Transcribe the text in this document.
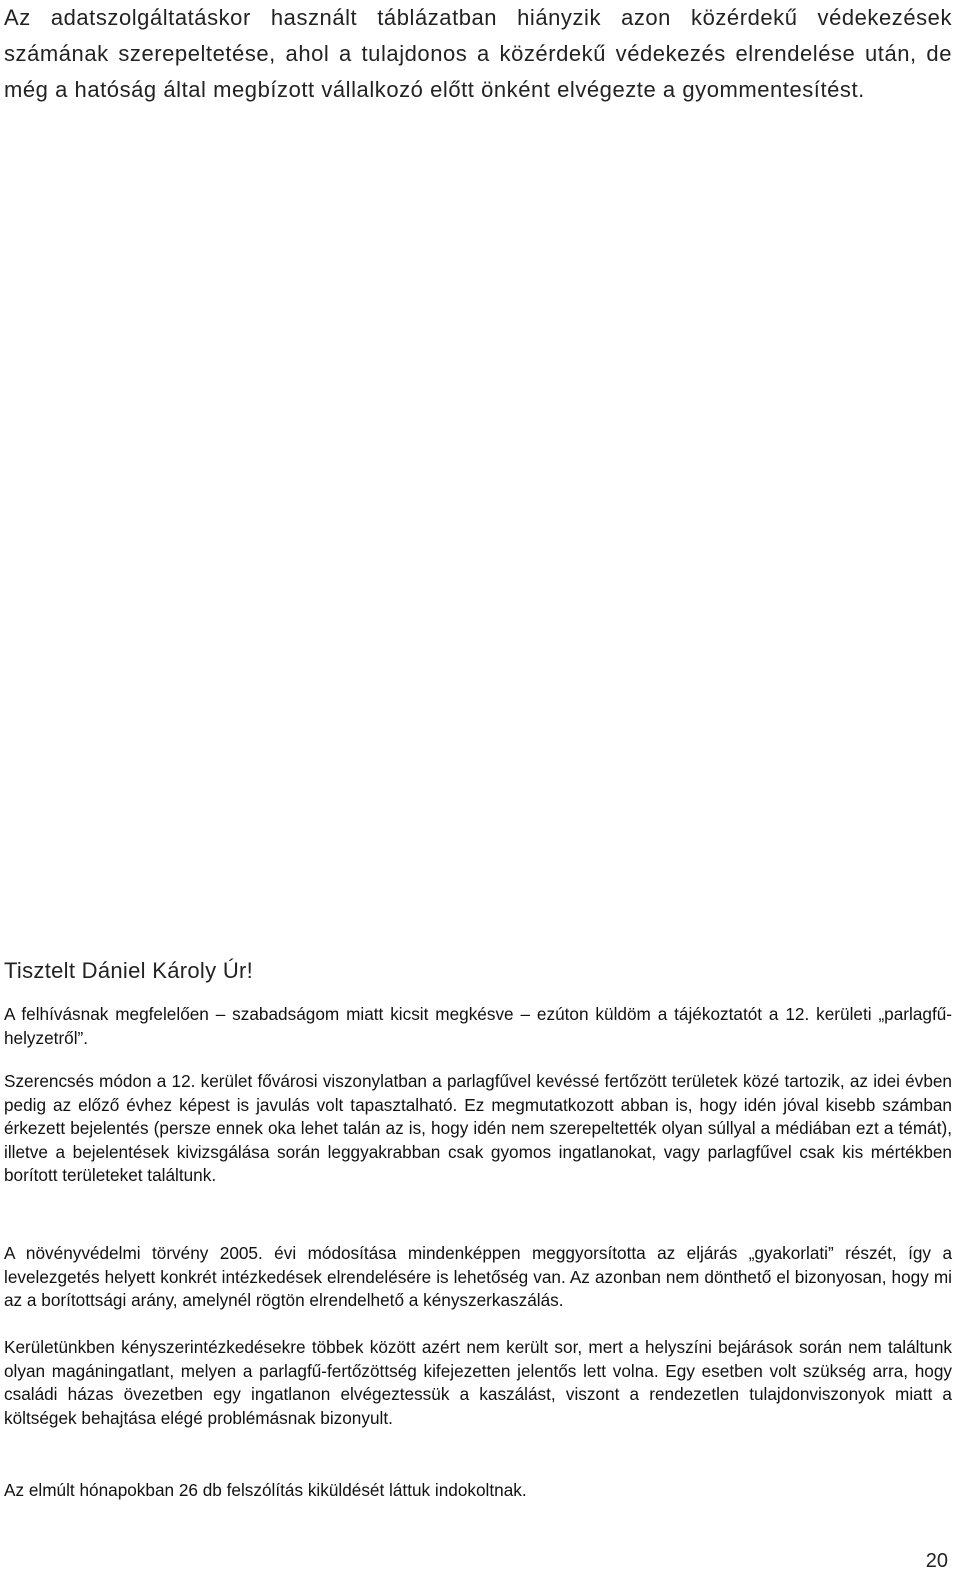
Az adatszolgáltatáskor használt táblázatban hiányzik azon közérdekű védekezések számának szerepeltetése, ahol a tulajdonos a közérdekű védekezés elrendelése után, de még a hatóság által megbízott vállalkozó előtt önként elvégezte a gyommentesítést.

Tisztelt Dániel Károly Úr!

A felhívásnak megfelelően – szabadságom miatt kicsit megkésve – ezúton küldöm a tájékoztatót a 12. kerületi „parlagfű-helyzetről”.

Szerencsés módon a 12. kerület fővárosi viszonylatban a parlagfűvel kevéssé fertőzött területek közé tartozik, az idei évben pedig az előző évhez képest is javulás volt tapasztalható. Ez megmutatkozott abban is, hogy idén jóval kisebb számban érkezett bejelentés (persze ennek oka lehet talán az is, hogy idén nem szerepeltették olyan súllyal a médiában ezt a témát), illetve a bejelentések kivizsgálása során leggyakrabban csak gyomos ingatlanokat, vagy parlagfűvel csak kis mértékben borított területeket találtunk.

A növényvédelmi törvény 2005. évi módosítása mindenképpen meggyorsította az eljárás „gyakorlati” részét, így a levelezgetés helyett konkrét intézkedések elrendelésére is lehetőség van. Az azonban nem dönthető el bizonyosan, hogy mi az a borítottsági arány, amelynél rögtön elrendelhető a kényszerkaszálás.

Kerületünkben kényszerintézkedésekre többek között azért nem került sor, mert a helyszíni bejárások során nem találtunk olyan magáningatlant, melyen a parlagfű-fertőzöttség kifejezetten jelentős lett volna. Egy esetben volt szükség arra, hogy családi házas övezetben egy ingatlanon elvégeztessük a kaszálást, viszont a rendezetlen tulajdonviszonyok miatt a költségek behajtása elégé problémásnak bizonyult.

Az elmúlt hónapokban 26 db felszólítás kiküldését láttuk indokoltnak.

20
